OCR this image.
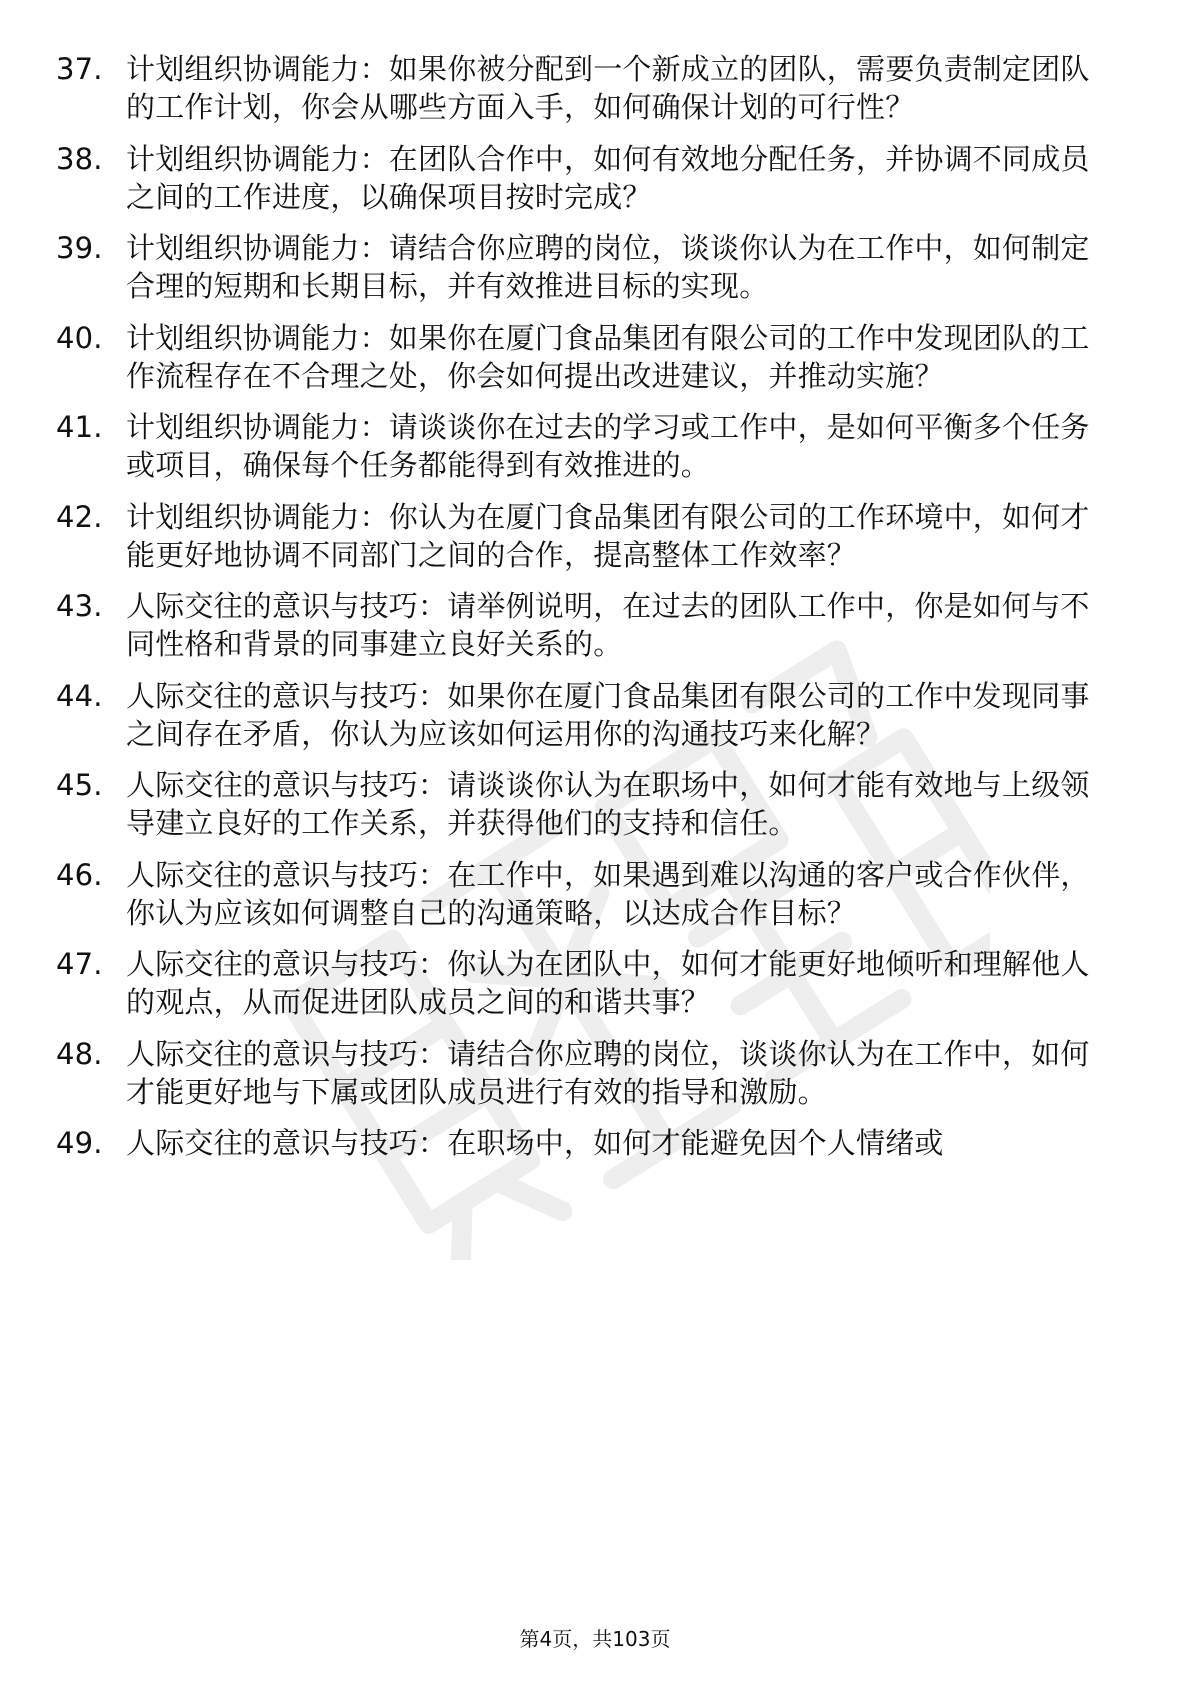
37. 计划组织协调能力：如果你被分配到一个新成立的团队，需要负责制定团队的工作计划，你会从哪些方面入手，如何确保计划的可行性？
38. 计划组织协调能力：在团队合作中，如何有效地分配任务，并协调不同成员之间的工作进度，以确保项目按时完成？
39. 计划组织协调能力：请结合你应聘的岗位，谈谈你认为在工作中，如何制定合理的短期和长期目标，并有效推进目标的实现。
40. 计划组织协调能力：如果你在厦门食品集团有限公司的工作中发现团队的工作流程存在不合理之处，你会如何提出改进建议，并推动实施？
41. 计划组织协调能力：请谈谈你在过去的学习或工作中，是如何平衡多个任务或项目，确保每个任务都能得到有效推进的。
42. 计划组织协调能力：你认为在厦门食品集团有限公司的工作环境中，如何才能更好地协调不同部门之间的合作，提高整体工作效率？
43. 人际交往的意识与技巧：请举例说明，在过去的团队工作中，你是如何与不同性格和背景的同事建立良好关系的。
44. 人际交往的意识与技巧：如果你在厦门食品集团有限公司的工作中发现同事之间存在矛盾，你认为应该如何运用你的沟通技巧来化解？
45. 人际交往的意识与技巧：请谈谈你认为在职场中，如何才能有效地与上级领导建立良好的工作关系，并获得他们的支持和信任。
46. 人际交往的意识与技巧：在工作中，如果遇到难以沟通的客户或合作伙伴，你认为应该如何调整自己的沟通策略，以达成合作目标？
47. 人际交往的意识与技巧：你认为在团队中，如何才能更好地倾听和理解他人的观点，从而促进团队成员之间的和谐共事？
48. 人际交往的意识与技巧：请结合你应聘的岗位，谈谈你认为在工作中，如何才能更好地与下属或团队成员进行有效的指导和激励。
49. 人际交往的意识与技巧：在职场中，如何才能避免因个人情绪或
第4页，共103页
